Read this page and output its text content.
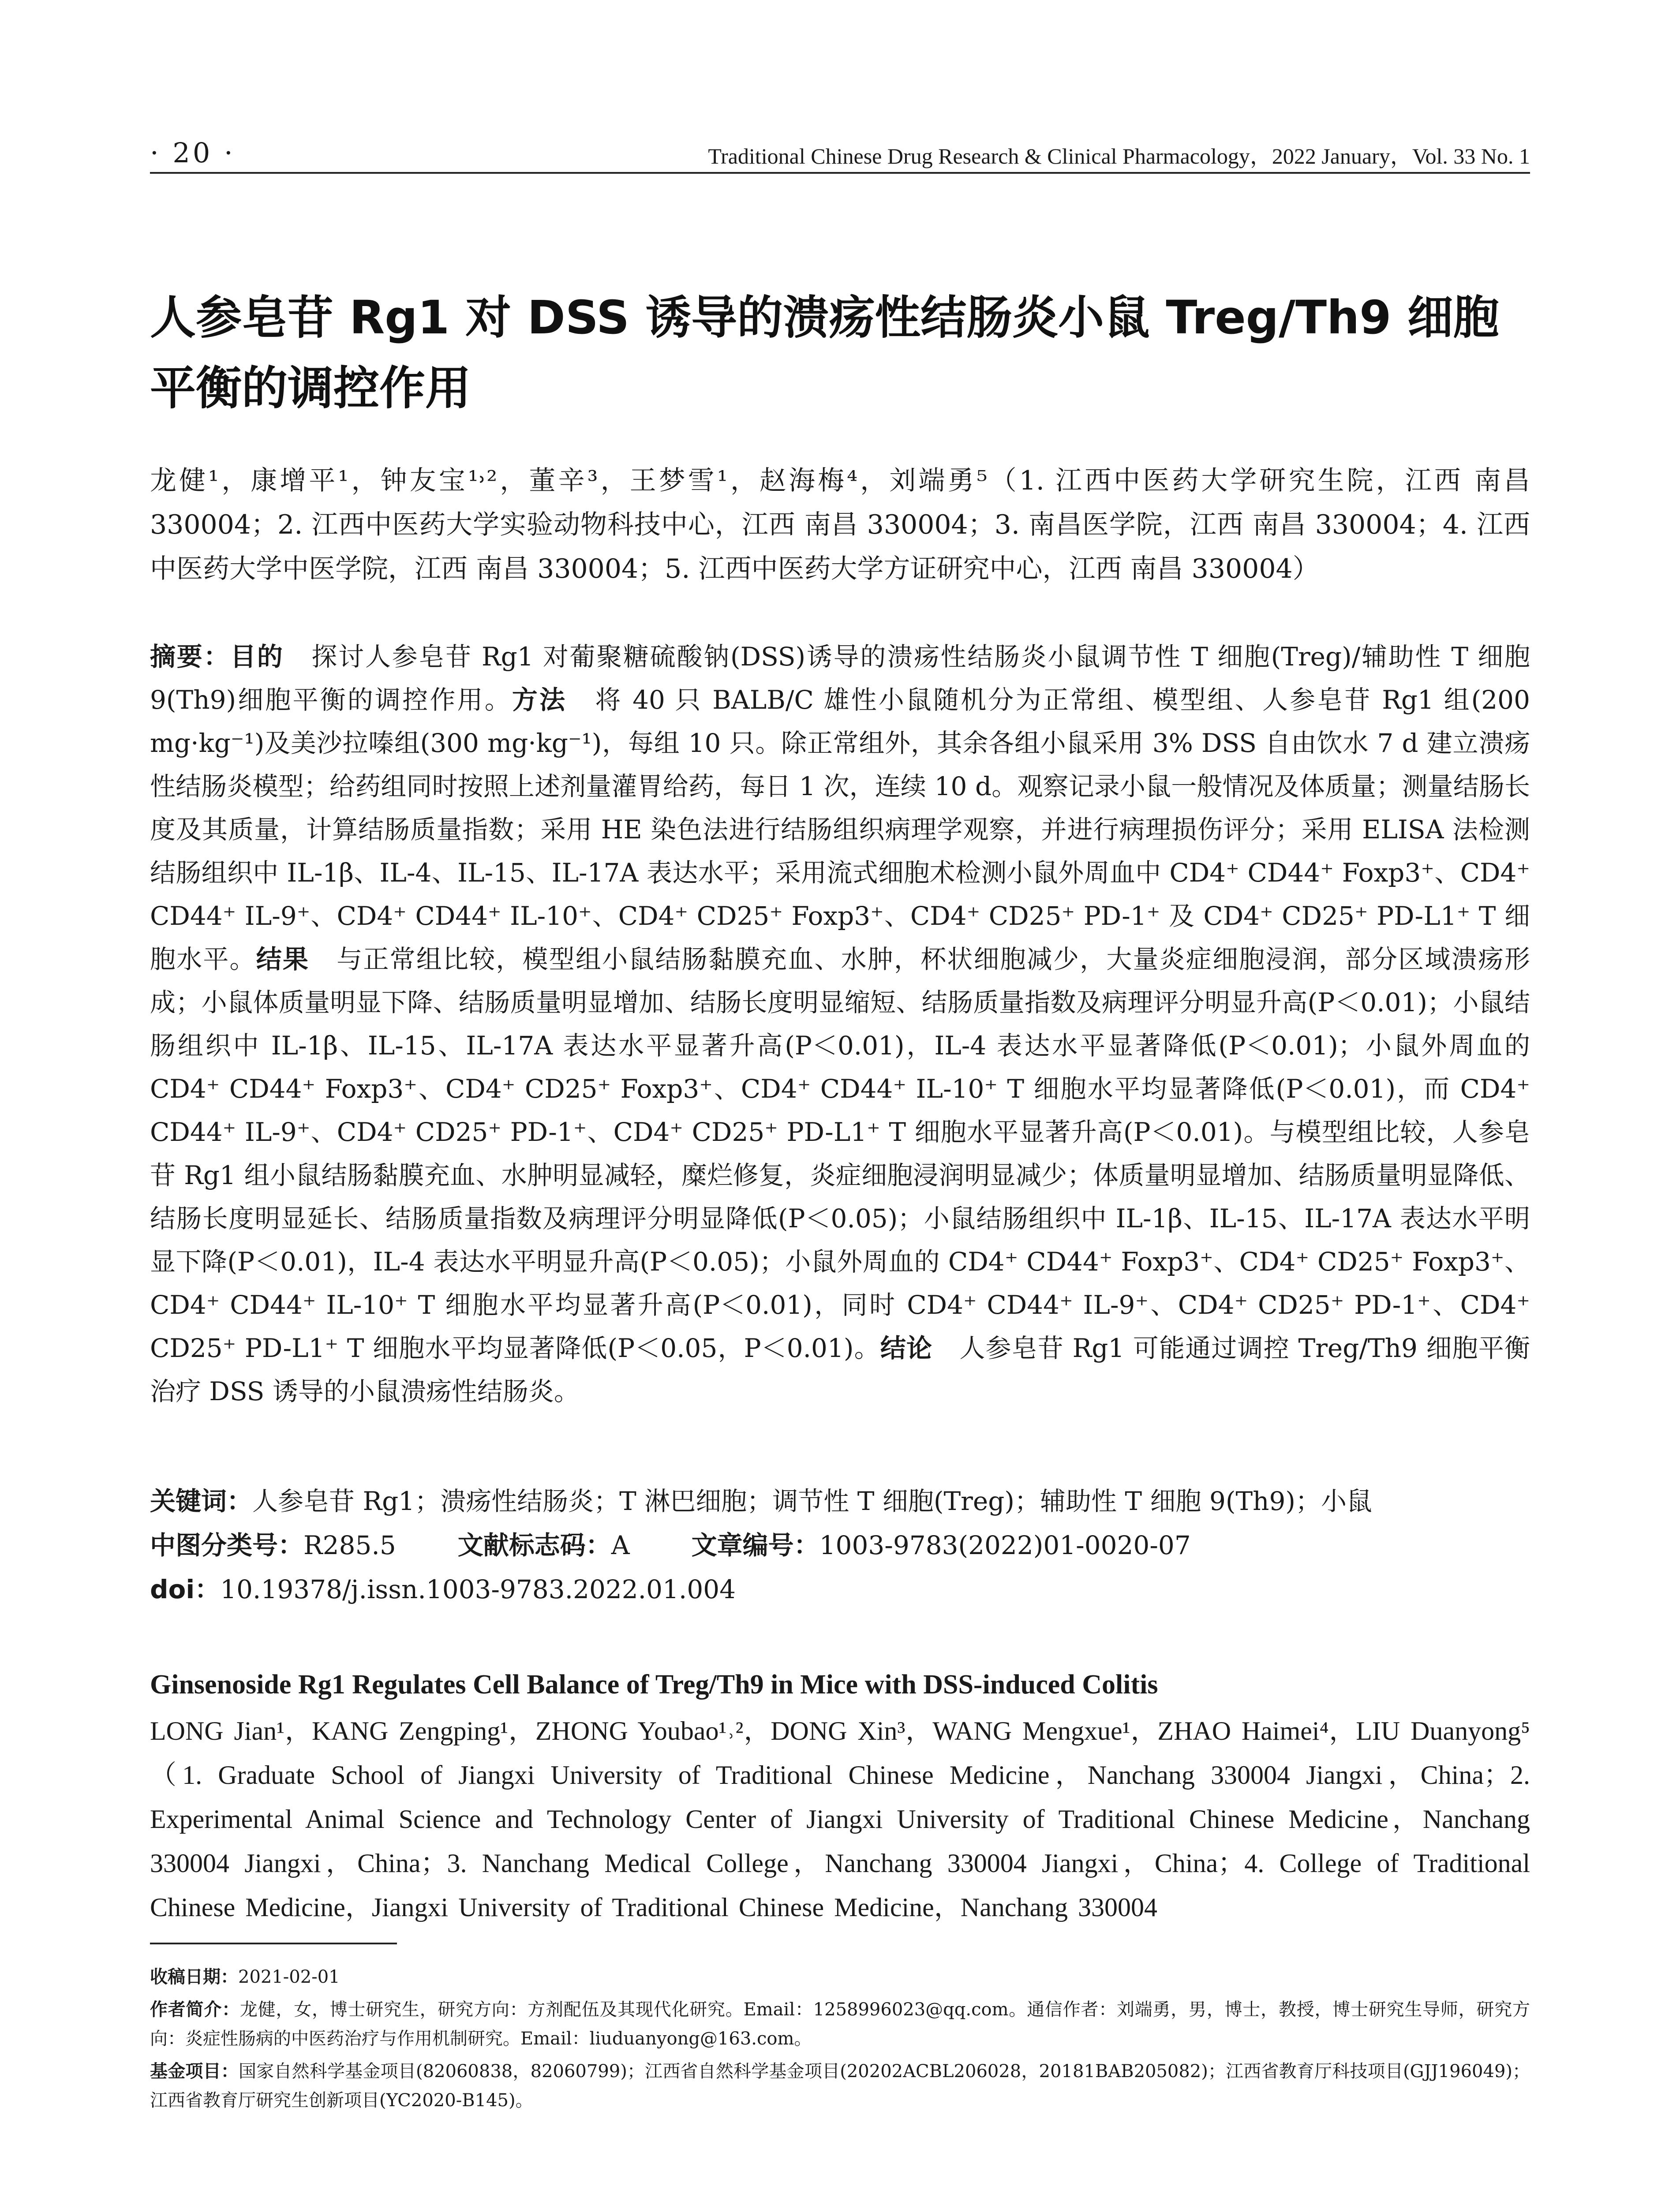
· 20 ·	Traditional Chinese Drug Research & Clinical Pharmacology，2022 January，Vol. 33 No. 1
人参皂苷 Rg1 对 DSS 诱导的溃疡性结肠炎小鼠 Treg/Th9 细胞平衡的调控作用

龙健¹，康增平¹，钟友宝¹˒²，董辛³，王梦雪¹，赵海梅⁴，刘端勇⁵（1. 江西中医药大学研究生院，江西 南昌 330004；2. 江西中医药大学实验动物科技中心，江西 南昌 330004；3. 南昌医学院，江西 南昌 330004；4. 江西中医药大学中医学院，江西 南昌 330004；5. 江西中医药大学方证研究中心，江西 南昌 330004）

摘要：目的 探讨人参皂苷 Rg1 对葡聚糖硫酸钠(DSS)诱导的溃疡性结肠炎小鼠调节性 T 细胞(Treg)/辅助性 T 细胞 9(Th9)细胞平衡的调控作用。方法 将 40 只 BALB/C 雄性小鼠随机分为正常组、模型组、人参皂苷 Rg1 组(200 mg·kg⁻¹)及美沙拉嗪组(300 mg·kg⁻¹)，每组 10 只。除正常组外，其余各组小鼠采用 3% DSS 自由饮水 7 d 建立溃疡性结肠炎模型；给药组同时按照上述剂量灌胃给药，每日 1 次，连续 10 d。观察记录小鼠一般情况及体质量；测量结肠长度及其质量，计算结肠质量指数；采用 HE 染色法进行结肠组织病理学观察，并进行病理损伤评分；采用 ELISA 法检测结肠组织中 IL-1β、IL-4、IL-15、IL-17A 表达水平；采用流式细胞术检测小鼠外周血中 CD4⁺ CD44⁺ Foxp3⁺、CD4⁺ CD44⁺ IL-9⁺、CD4⁺ CD44⁺ IL-10⁺、CD4⁺ CD25⁺ Foxp3⁺、CD4⁺ CD25⁺ PD-1⁺ 及 CD4⁺ CD25⁺ PD-L1⁺ T 细胞水平。结果 与正常组比较，模型组小鼠结肠黏膜充血、水肿，杯状细胞减少，大量炎症细胞浸润，部分区域溃疡形成；小鼠体质量明显下降、结肠质量明显增加、结肠长度明显缩短、结肠质量指数及病理评分明显升高(P＜0.01)；小鼠结肠组织中 IL-1β、IL-15、IL-17A 表达水平显著升高(P＜0.01)，IL-4 表达水平显著降低(P＜0.01)；小鼠外周血的 CD4⁺ CD44⁺ Foxp3⁺、CD4⁺ CD25⁺ Foxp3⁺、CD4⁺ CD44⁺ IL-10⁺ T 细胞水平均显著降低(P＜0.01)，而 CD4⁺ CD44⁺ IL-9⁺、CD4⁺ CD25⁺ PD-1⁺、CD4⁺ CD25⁺ PD-L1⁺ T 细胞水平显著升高(P＜0.01)。与模型组比较，人参皂苷 Rg1 组小鼠结肠黏膜充血、水肿明显减轻，糜烂修复，炎症细胞浸润明显减少；体质量明显增加、结肠质量明显降低、结肠长度明显延长、结肠质量指数及病理评分明显降低(P＜0.05)；小鼠结肠组织中 IL-1β、IL-15、IL-17A 表达水平明显下降(P＜0.01)，IL-4 表达水平明显升高(P＜0.05)；小鼠外周血的 CD4⁺ CD44⁺ Foxp3⁺、CD4⁺ CD25⁺ Foxp3⁺、CD4⁺ CD44⁺ IL-10⁺ T 细胞水平均显著升高(P＜0.01)，同时 CD4⁺ CD44⁺ IL-9⁺、CD4⁺ CD25⁺ PD-1⁺、CD4⁺ CD25⁺ PD-L1⁺ T 细胞水平均显著降低(P＜0.05，P＜0.01)。结论 人参皂苷 Rg1 可能通过调控 Treg/Th9 细胞平衡治疗 DSS 诱导的小鼠溃疡性结肠炎。

关键词：人参皂苷 Rg1；溃疡性结肠炎；T 淋巴细胞；调节性 T 细胞(Treg)；辅助性 T 细胞 9(Th9)；小鼠

中图分类号：R285.5 文献标志码：A 文章编号：1003-9783(2022)01-0020-07

doi：10.19378/j.issn.1003-9783.2022.01.004

Ginsenoside Rg1 Regulates Cell Balance of Treg/Th9 in Mice with DSS-induced Colitis

LONG Jian¹，KANG Zengping¹，ZHONG Youbao¹˒²，DONG Xin³，WANG Mengxue¹，ZHAO Haimei⁴，LIU Duanyong⁵（1. Graduate School of Jiangxi University of Traditional Chinese Medicine，Nanchang 330004 Jiangxi，China；2. Experimental Animal Science and Technology Center of Jiangxi University of Traditional Chinese Medicine，Nanchang 330004 Jiangxi，China；3. Nanchang Medical College，Nanchang 330004 Jiangxi，China；4. College of Traditional Chinese Medicine，Jiangxi University of Traditional Chinese Medicine，Nanchang 330004

收稿日期：2021-02-01

作者简介：龙健，女，博士研究生，研究方向：方剂配伍及其现代化研究。Email：1258996023@qq.com。通信作者：刘端勇，男，博士，教授，博士研究生导师，研究方向：炎症性肠病的中医药治疗与作用机制研究。Email：liuduanyong@163.com。

基金项目：国家自然科学基金项目(82060838，82060799)；江西省自然科学基金项目(20202ACBL206028，20181BAB205082)；江西省教育厅科技项目(GJJ196049)；江西省教育厅研究生创新项目(YC2020-B145)。
